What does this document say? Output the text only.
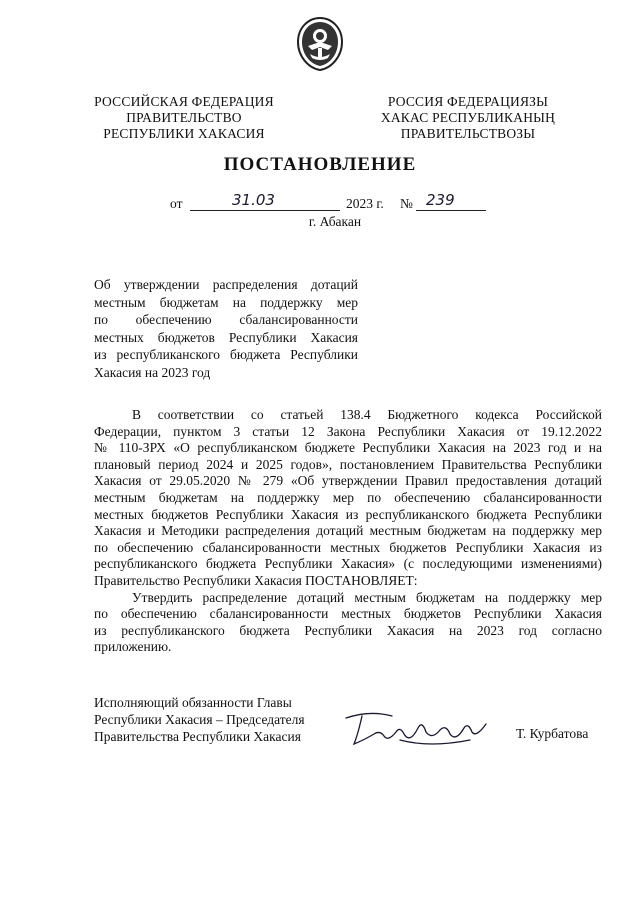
РОССИЙСКАЯ ФЕДЕРАЦИЯ
ПРАВИТЕЛЬСТВО
РЕСПУБЛИКИ ХАКАСИЯ
РОССИЯ ФЕДЕРАЦИЯЗЫ
ХАКАС РЕСПУБЛИКАНЫҢ
ПРАВИТЕЛЬСТВОЗЫ
ПОСТАНОВЛЕНИЕ
от	31.03	2023 г. № 239
г. Абакан
Об утверждении распределения дотаций
местным бюджетам на поддержку мер
по обеспечению сбалансированности
местных бюджетов Республики Хакасия
из республиканского бюджета Республики
Хакасия на 2023 год
В соответствии со статьей 138.4 Бюджетного кодекса Российской
Федерации, пунктом 3 статьи 12 Закона Республики Хакасия от 19.12.2022
№ 110-ЗРХ «О республиканском бюджете Республики Хакасия на 2023 год и на
плановый период 2024 и 2025 годов», постановлением Правительства Республики
Хакасия от 29.05.2020 № 279 «Об утверждении Правил предоставления дотаций
местным бюджетам на поддержку мер по обеспечению сбалансированности
местных бюджетов Республики Хакасия из республиканского бюджета Республики
Хакасия и Методики распределения дотаций местным бюджетам на поддержку мер
по обеспечению сбалансированности местных бюджетов Республики Хакасия из
республиканского бюджета Республики Хакасия» (с последующими изменениями)
Правительство Республики Хакасия ПОСТАНОВЛЯЕТ:
Утвердить распределение дотаций местным бюджетам на поддержку мер
по обеспечению сбалансированности местных бюджетов Республики Хакасия
из республиканского бюджета Республики Хакасия на 2023 год согласно
приложению.
Исполняющий обязанности Главы
Республики Хакасия – Председателя
Правительства Республики Хакасия	Т. Курбатова
